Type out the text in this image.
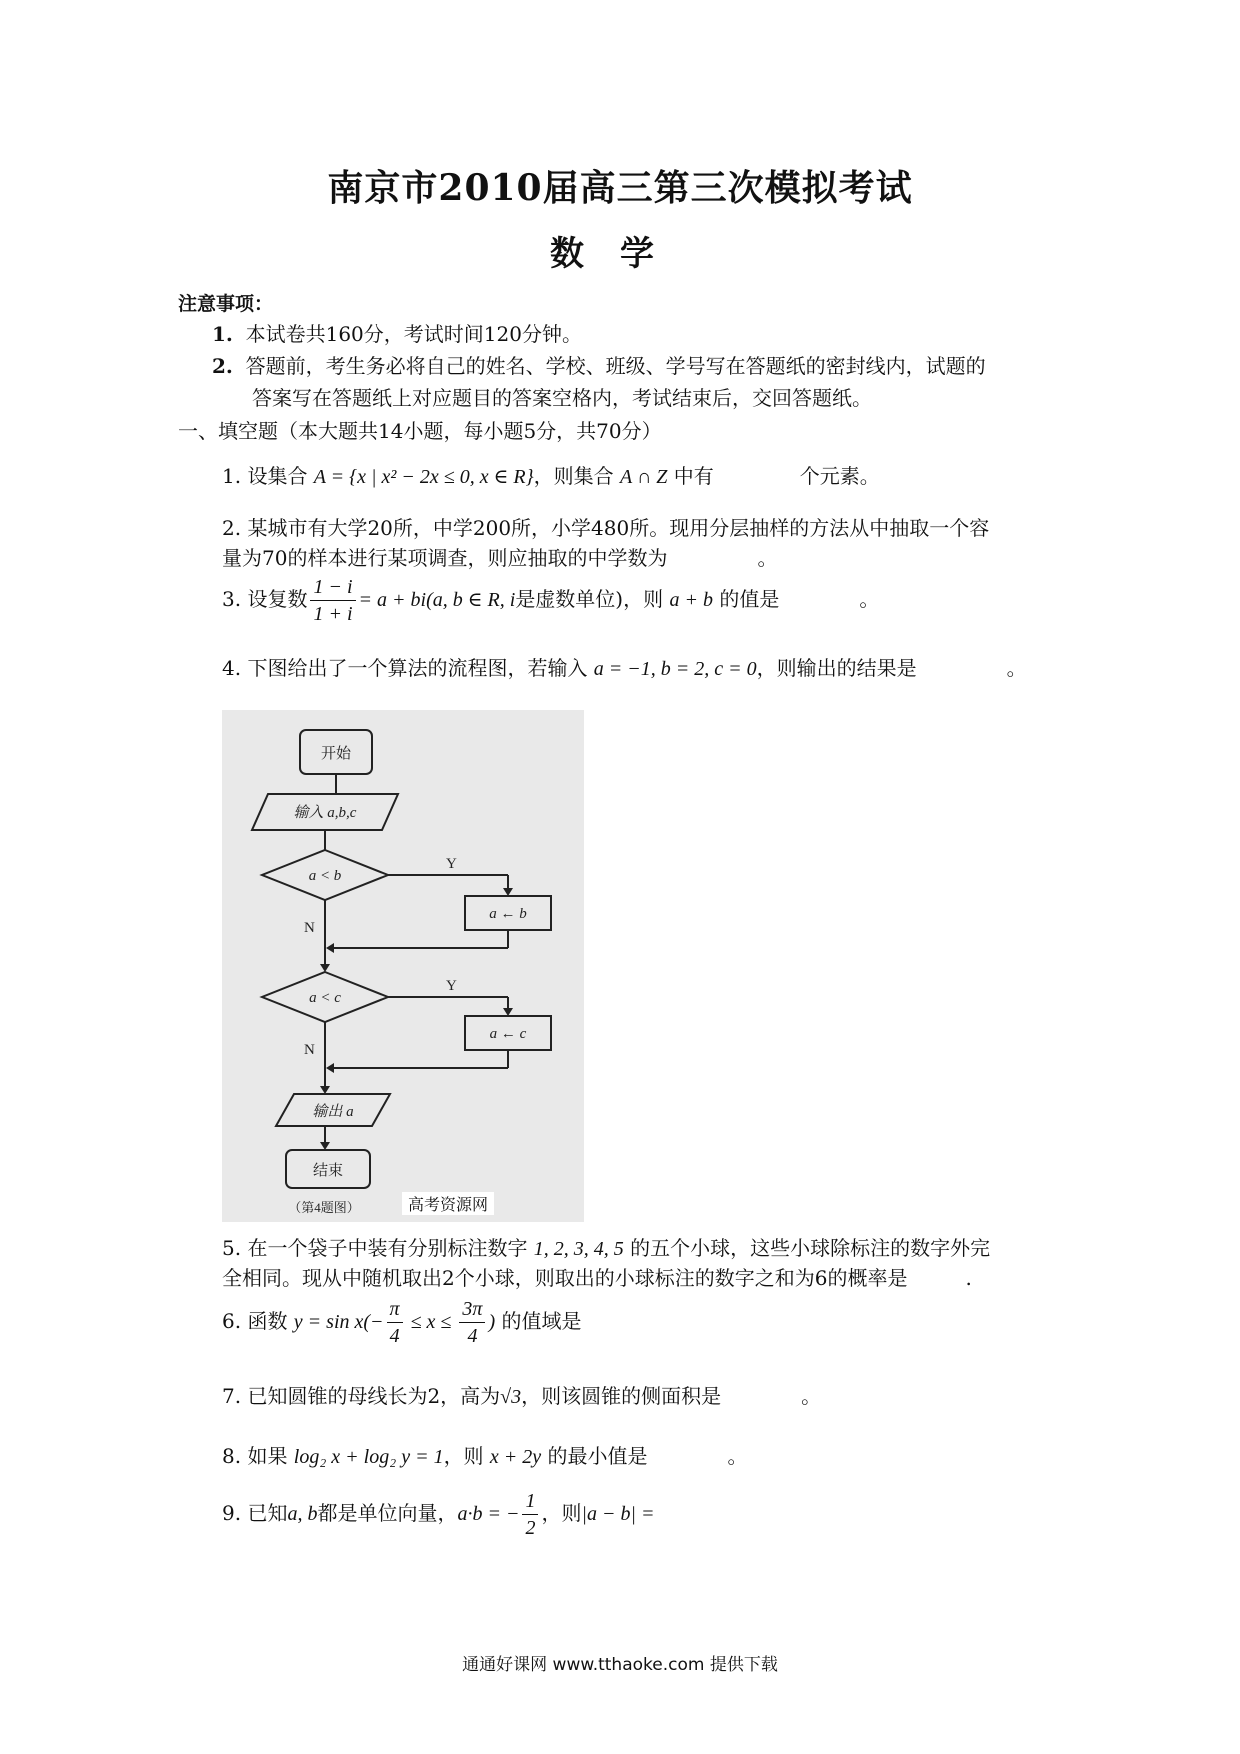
南京市2010届高三第三次模拟考试
数学
注意事项：
1. 本试卷共160分，考试时间120分钟。
2. 答题前，考生务必将自己的姓名、学校、班级、学号写在答题纸的密封线内，试题的
答案写在答题纸上对应题目的答案空格内，考试结束后，交回答题纸。
一、填空题（本大题共14小题，每小题5分，共70分）
1. 设集合 A = {x | x² − 2x ≤ 0, x ∈ R}，则集合 A ∩ Z 中有	个元素。
2. 某城市有大学20所，中学200所，小学480所。现用分层抽样的方法从中抽取一个容
量为70的样本进行某项调查，则应抽取的中学数为	。
3. 设复数 $\frac{1 - i}{1 + i} = a + bi(a$, b ∈ R, i是虚数单位)，则 a + b 的值是	。
4. 下图给出了一个算法的流程图，若输入 a = −1, b = 2, c = 0，则输出的结果是	。
开始
输入 a,b,c
a < b
Y
a ← b
N
a < c
Y
a ← c
N
输出 a
结束
（第4题图）	高考资源网
5. 在一个袋子中装有分别标注数字 1, 2, 3, 4, 5 的五个小球，这些小球除标注的数字外完
全相同。现从中随机取出2个小球，则取出的小球标注的数字之和为6的概率是	.
6. 函数 $y = \sin x(- \frac{\pi}{4} \le x \le \frac{3\pi}{4}$ ) 的值域是
7. 已知圆锥的母线长为2，高为√3，则该圆锥的侧面积是	。
8. 如果 log₂ x + log₂ y = 1，则 x + 2y 的最小值是	。
9. 已知a, b都是单位向量，a·b = − $\frac{1}{2}$ ，则|a − b| =
通通好课网 www.tthaoke.com 提供下载
